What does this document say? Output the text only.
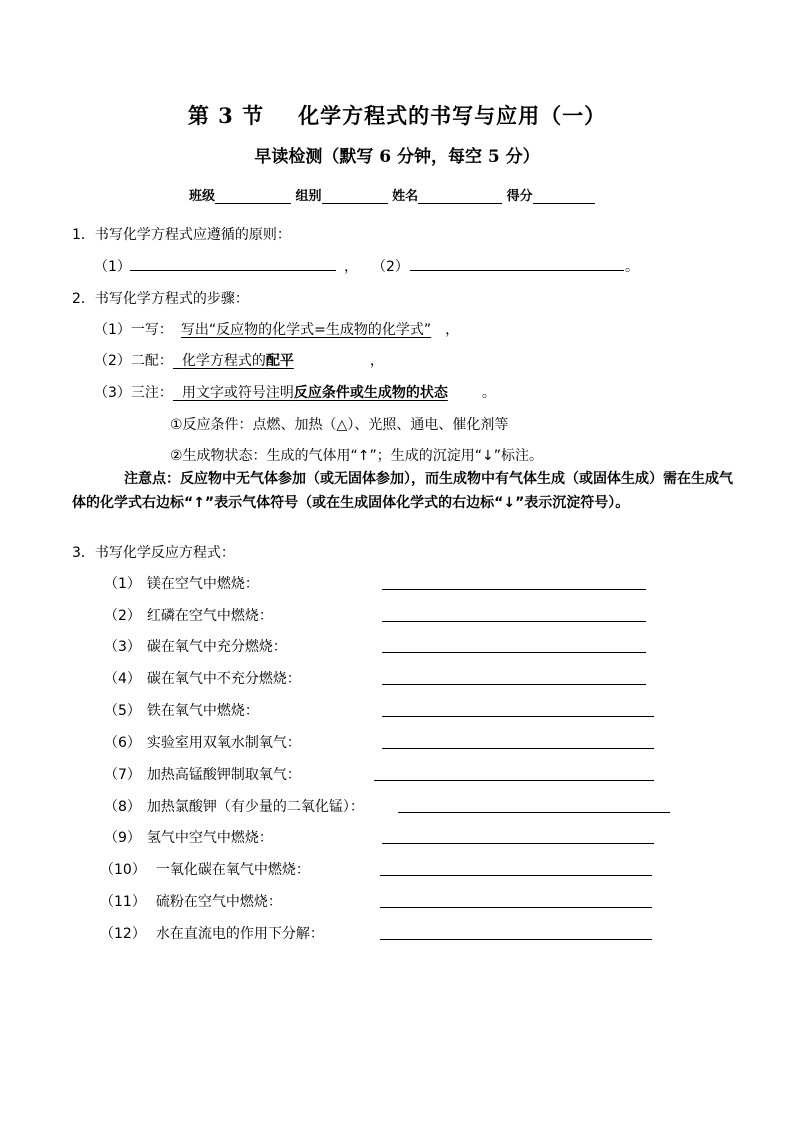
第 3 节 化学方程式的书写与应用（一）
早读检测（默写 6 分钟，每空 5 分）
班级
	组别
	姓名
	得分
1．书写化学方程式应遵循的原则：
（1）	， （2）	。
2．书写化学方程式的步骤：
（1）一写： 写出“反应物的化学式=生成物的化学式” ，
（2）二配： 化学方程式的配平	，
（3）三注： 用文字或符号注明反应条件或生成物的状态 。
①反应条件：点燃、加热（△）、光照、通电、催化剂等
②生成物状态：生成的气体用“↑”；生成的沉淀用“↓”标注。
注意点：反应物中无气体参加（或无固体参加），而生成物中有气体生成（或固体生成）需在生成气体的化学式右边标“↑”表示气体符号（或在生成固体化学式的右边标“↓”表示沉淀符号）。
3．书写化学反应方程式：
（1） 镁在空气中燃烧：
（2） 红磷在空气中燃烧：
（3） 碳在氧气中充分燃烧：
（4） 碳在氧气中不充分燃烧：
（5） 铁在氧气中燃烧：
（6） 实验室用双氧水制氧气：
（7） 加热高锰酸钾制取氧气：
（8） 加热氯酸钾（有少量的二氧化锰）：
（9） 氢气中空气中燃烧：
（10） 一氧化碳在氧气中燃烧：
（11） 硫粉在空气中燃烧：
（12） 水在直流电的作用下分解：
